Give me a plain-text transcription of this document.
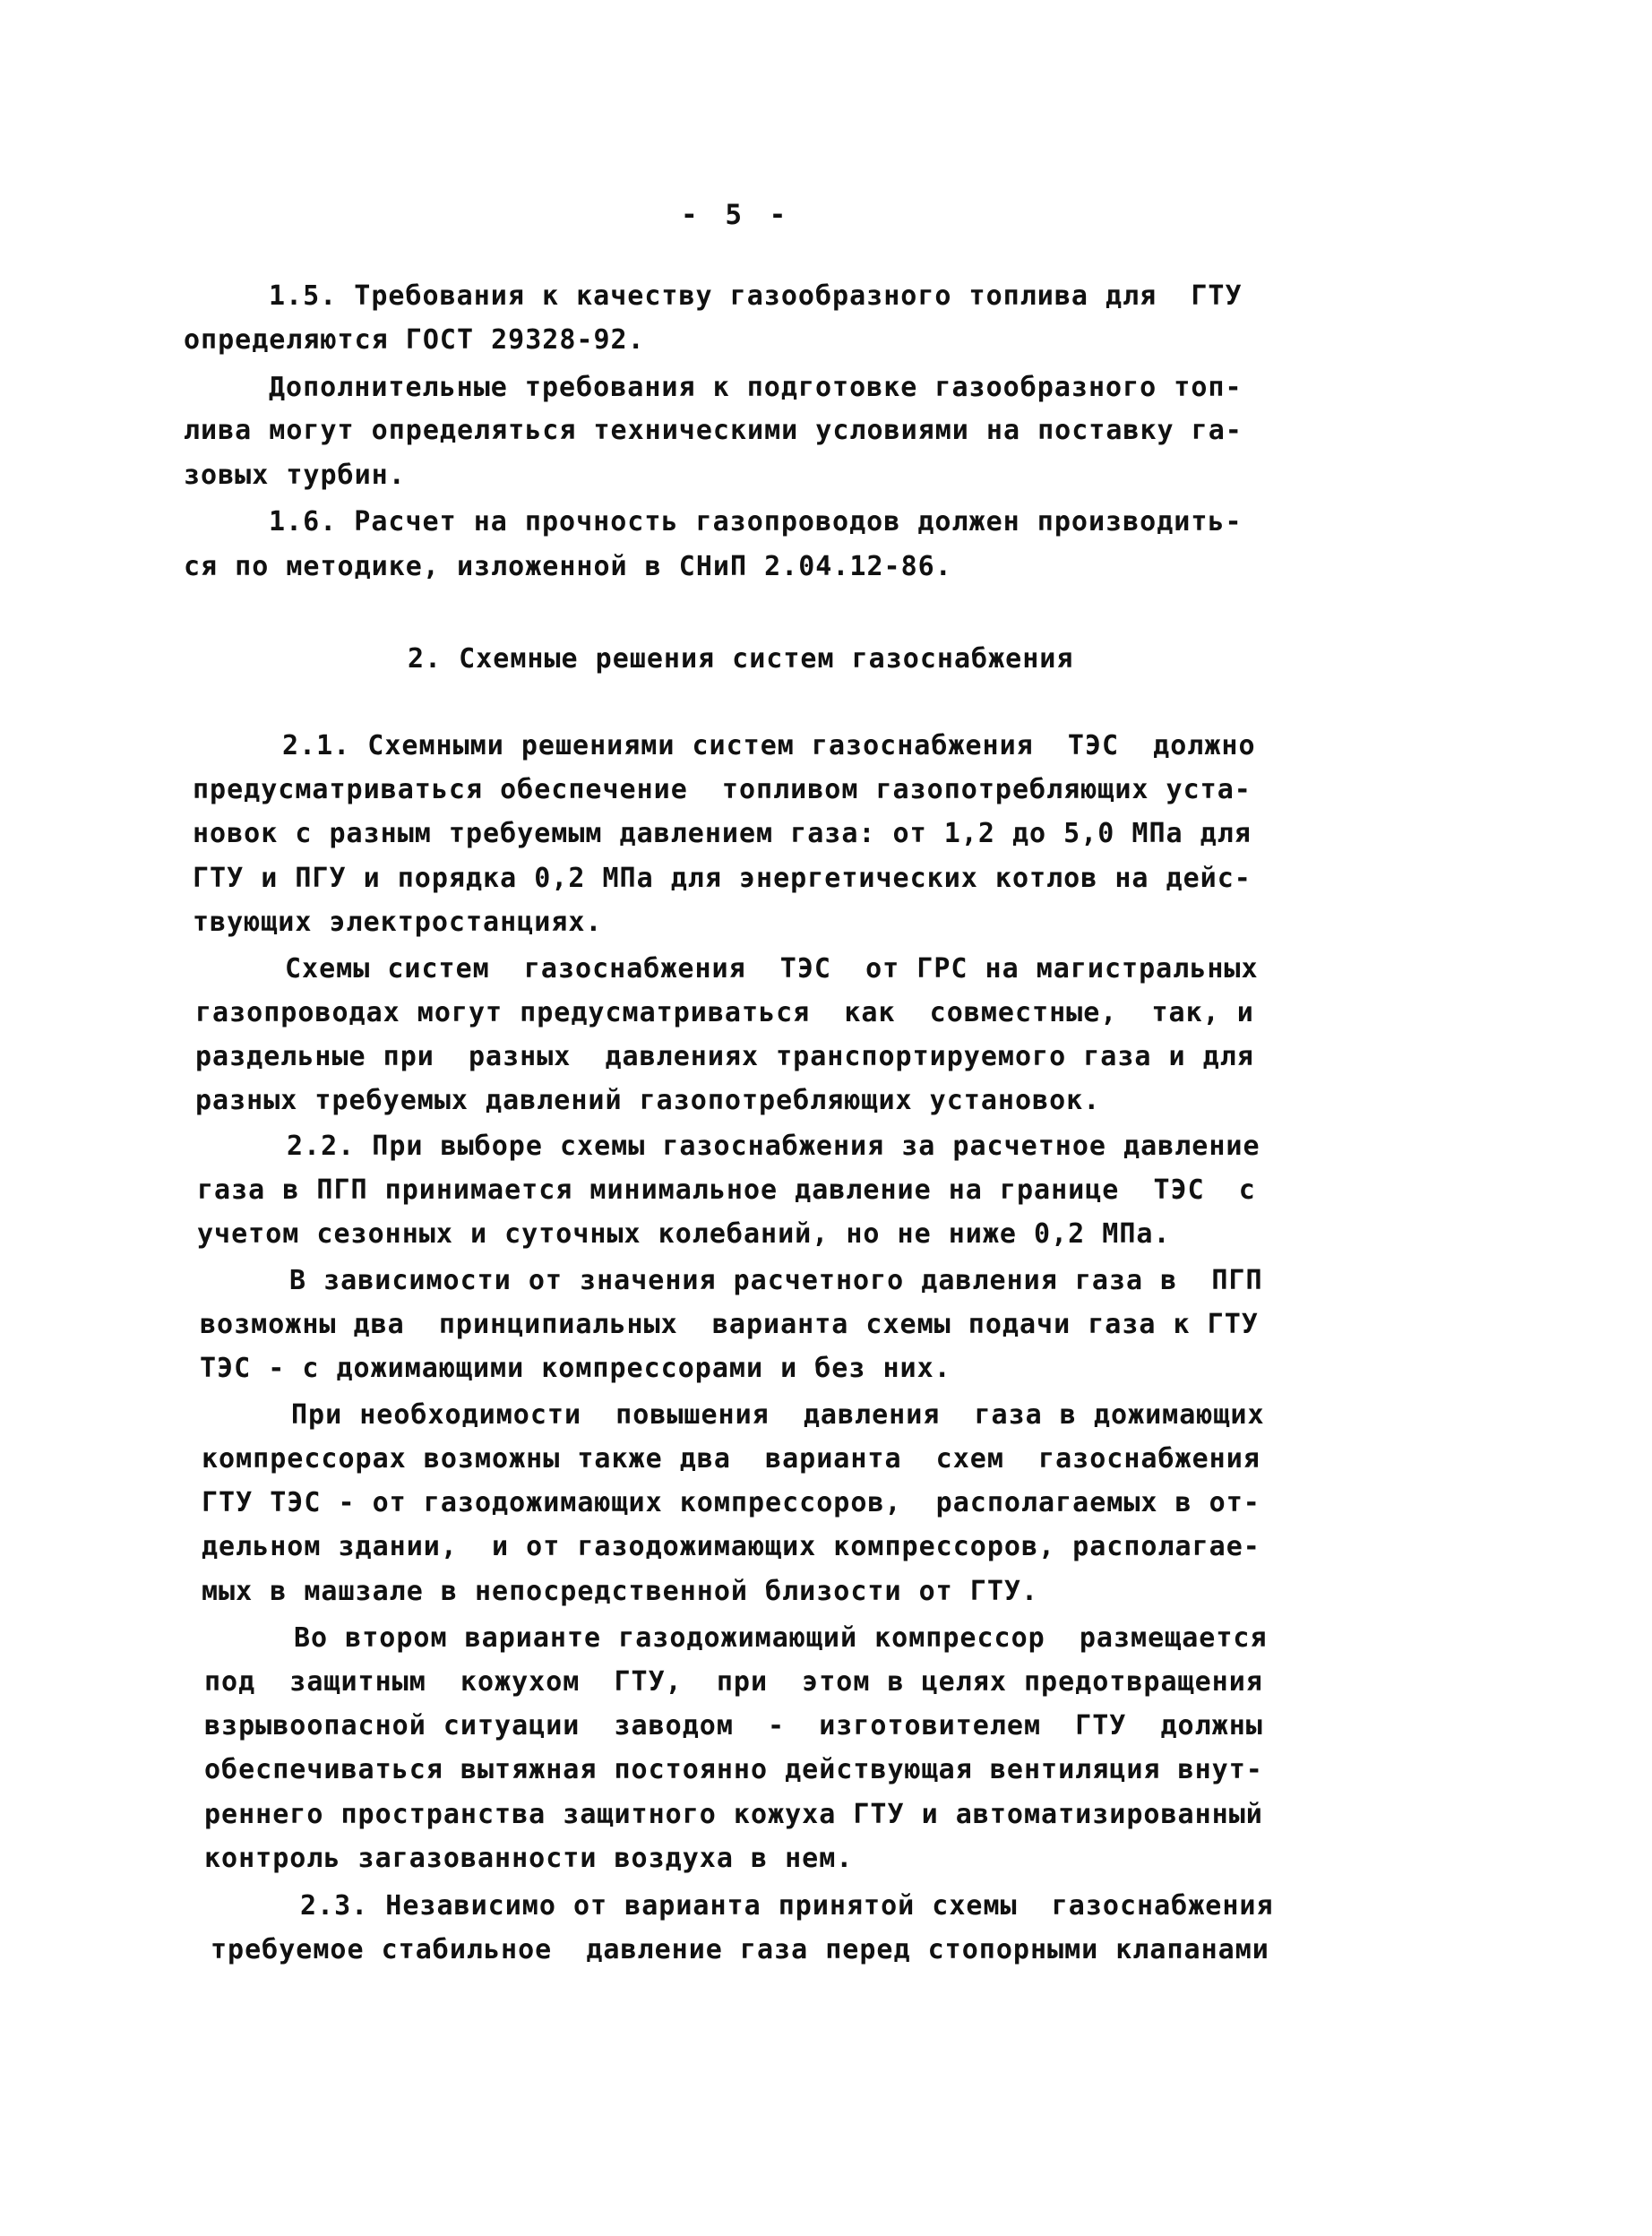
- 5 -
1.5. Требования к качеству газообразного топлива для  ГТУ
определяются ГОСТ 29328-92.
Дополнительные требования к подготовке газообразного топ-
лива могут определяться техническими условиями на поставку га-
зовых турбин.
1.6. Расчет на прочность газопроводов должен производить-
ся по методике, изложенной в СНиП 2.04.12-86.
2. Схемные решения систем газоснабжения
2.1. Схемными решениями систем газоснабжения  ТЭС  должно
предусматриваться обеспечение  топливом газопотребляющих уста-
новок с разным требуемым давлением газа: от 1,2 до 5,0 МПа для
ГТУ и ПГУ и порядка 0,2 МПа для энергетических котлов на дейс-
твующих электростанциях.
Схемы систем  газоснабжения  ТЭС  от ГРС на магистральных
газопроводах могут предусматриваться  как  совместные,  так, и
раздельные при  разных  давлениях транспортируемого газа и для
разных требуемых давлений газопотребляющих установок.
2.2. При выборе схемы газоснабжения за расчетное давление
газа в ПГП принимается минимальное давление на границе  ТЭС  с
учетом сезонных и суточных колебаний, но не ниже 0,2 МПа.
В зависимости от значения расчетного давления газа в  ПГП
возможны два  принципиальных  варианта схемы подачи газа к ГТУ
ТЭС - с дожимающими компрессорами и без них.
При необходимости  повышения  давления  газа в дожимающих
компрессорах возможны также два  варианта  схем  газоснабжения
ГТУ ТЭС - от газодожимающих компрессоров,  располагаемых в от-
дельном здании,  и от газодожимающих компрессоров, располагае-
мых в машзале в непосредственной близости от ГТУ.
Во втором варианте газодожимающий компрессор  размещается
под  защитным  кожухом  ГТУ,  при  этом в целях предотвращения
взрывоопасной ситуации  заводом  -  изготовителем  ГТУ  должны
обеспечиваться вытяжная постоянно действующая вентиляция внут-
реннего пространства защитного кожуха ГТУ и автоматизированный
контроль загазованности воздуха в нем.
2.3. Независимо от варианта принятой схемы  газоснабжения
требуемое стабильное  давление газа перед стопорными клапанами
